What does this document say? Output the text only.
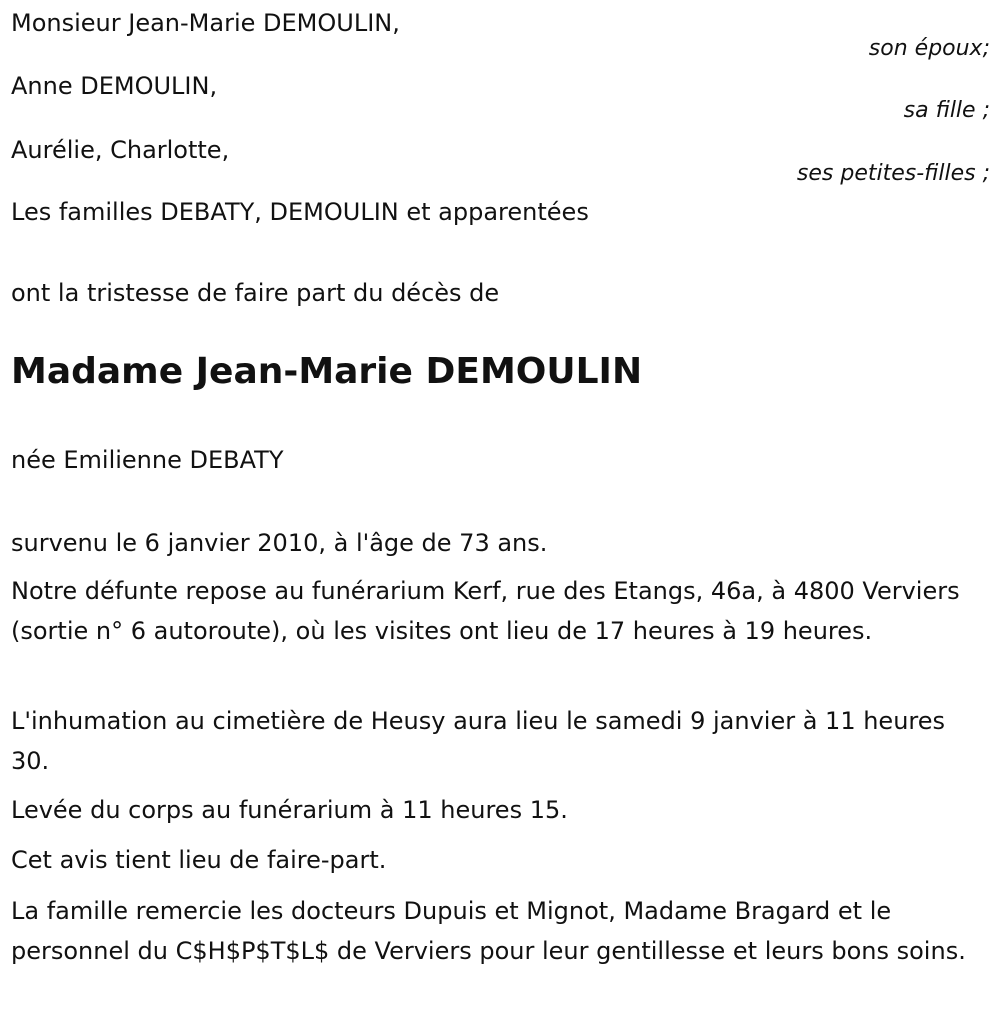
Monsieur Jean-Marie DEMOULIN,
son époux;
Anne DEMOULIN,
sa fille ;
Aurélie, Charlotte,
ses petites-filles ;
Les familles DEBATY, DEMOULIN et apparentées
ont la tristesse de faire part du décès de
Madame Jean-Marie DEMOULIN
née Emilienne DEBATY
survenu le 6 janvier 2010, à l'âge de 73 ans.
Notre défunte repose au funérarium Kerf, rue des Etangs, 46a, à 4800 Verviers (sortie n° 6 autoroute), où les visites ont lieu de 17 heures à 19 heures.
L'inhumation au cimetière de Heusy aura lieu le samedi 9 janvier à 11 heures 30.
Levée du corps au funérarium à 11 heures 15.
Cet avis tient lieu de faire-part.
La famille remercie les docteurs Dupuis et Mignot, Madame Bragard et le personnel du C$H$P$T$L$ de Verviers pour leur gentillesse et leurs bons soins.
